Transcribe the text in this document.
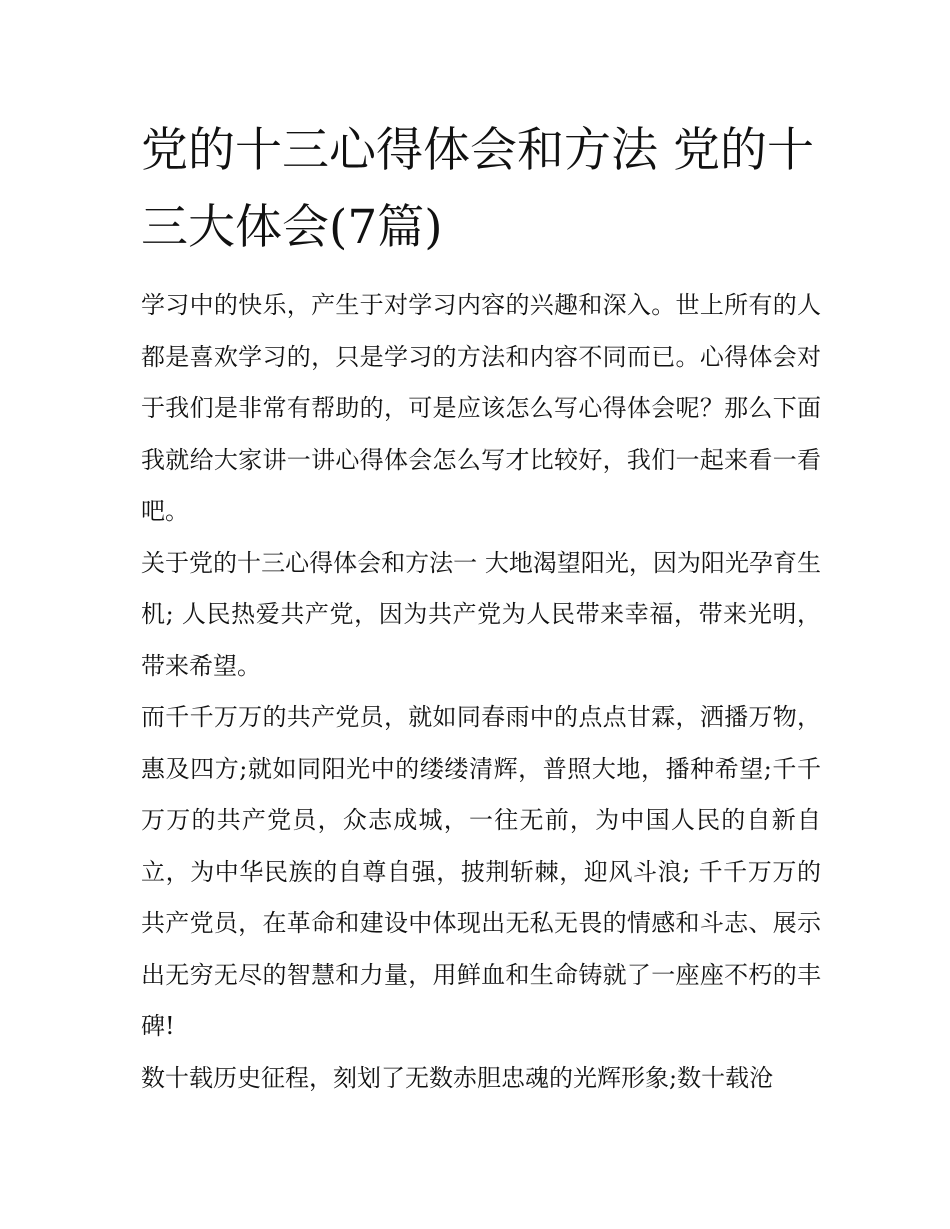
党的十三心得体会和方法 党的十三大体会(7篇)

学习中的快乐，产生于对学习内容的兴趣和深入。世上所有的人都是喜欢学习的，只是学习的方法和内容不同而已。心得体会对于我们是非常有帮助的，可是应该怎么写心得体会呢？那么下面我就给大家讲一讲心得体会怎么写才比较好，我们一起来看一看吧。

关于党的十三心得体会和方法一 大地渴望阳光，因为阳光孕育生机; 人民热爱共产党，因为共产党为人民带来幸福，带来光明，带来希望。

而千千万万的共产党员，就如同春雨中的点点甘霖，洒播万物，惠及四方;就如同阳光中的缕缕清辉，普照大地，播种希望;千千万万的共产党员，众志成城，一往无前，为中国人民的自新自立，为中华民族的自尊自强，披荆斩棘，迎风斗浪; 千千万万的共产党员，在革命和建设中体现出无私无畏的情感和斗志、展示出无穷无尽的智慧和力量，用鲜血和生命铸就了一座座不朽的丰碑!

数十载历史征程，刻划了无数赤胆忠魂的光辉形象;数十载沧
